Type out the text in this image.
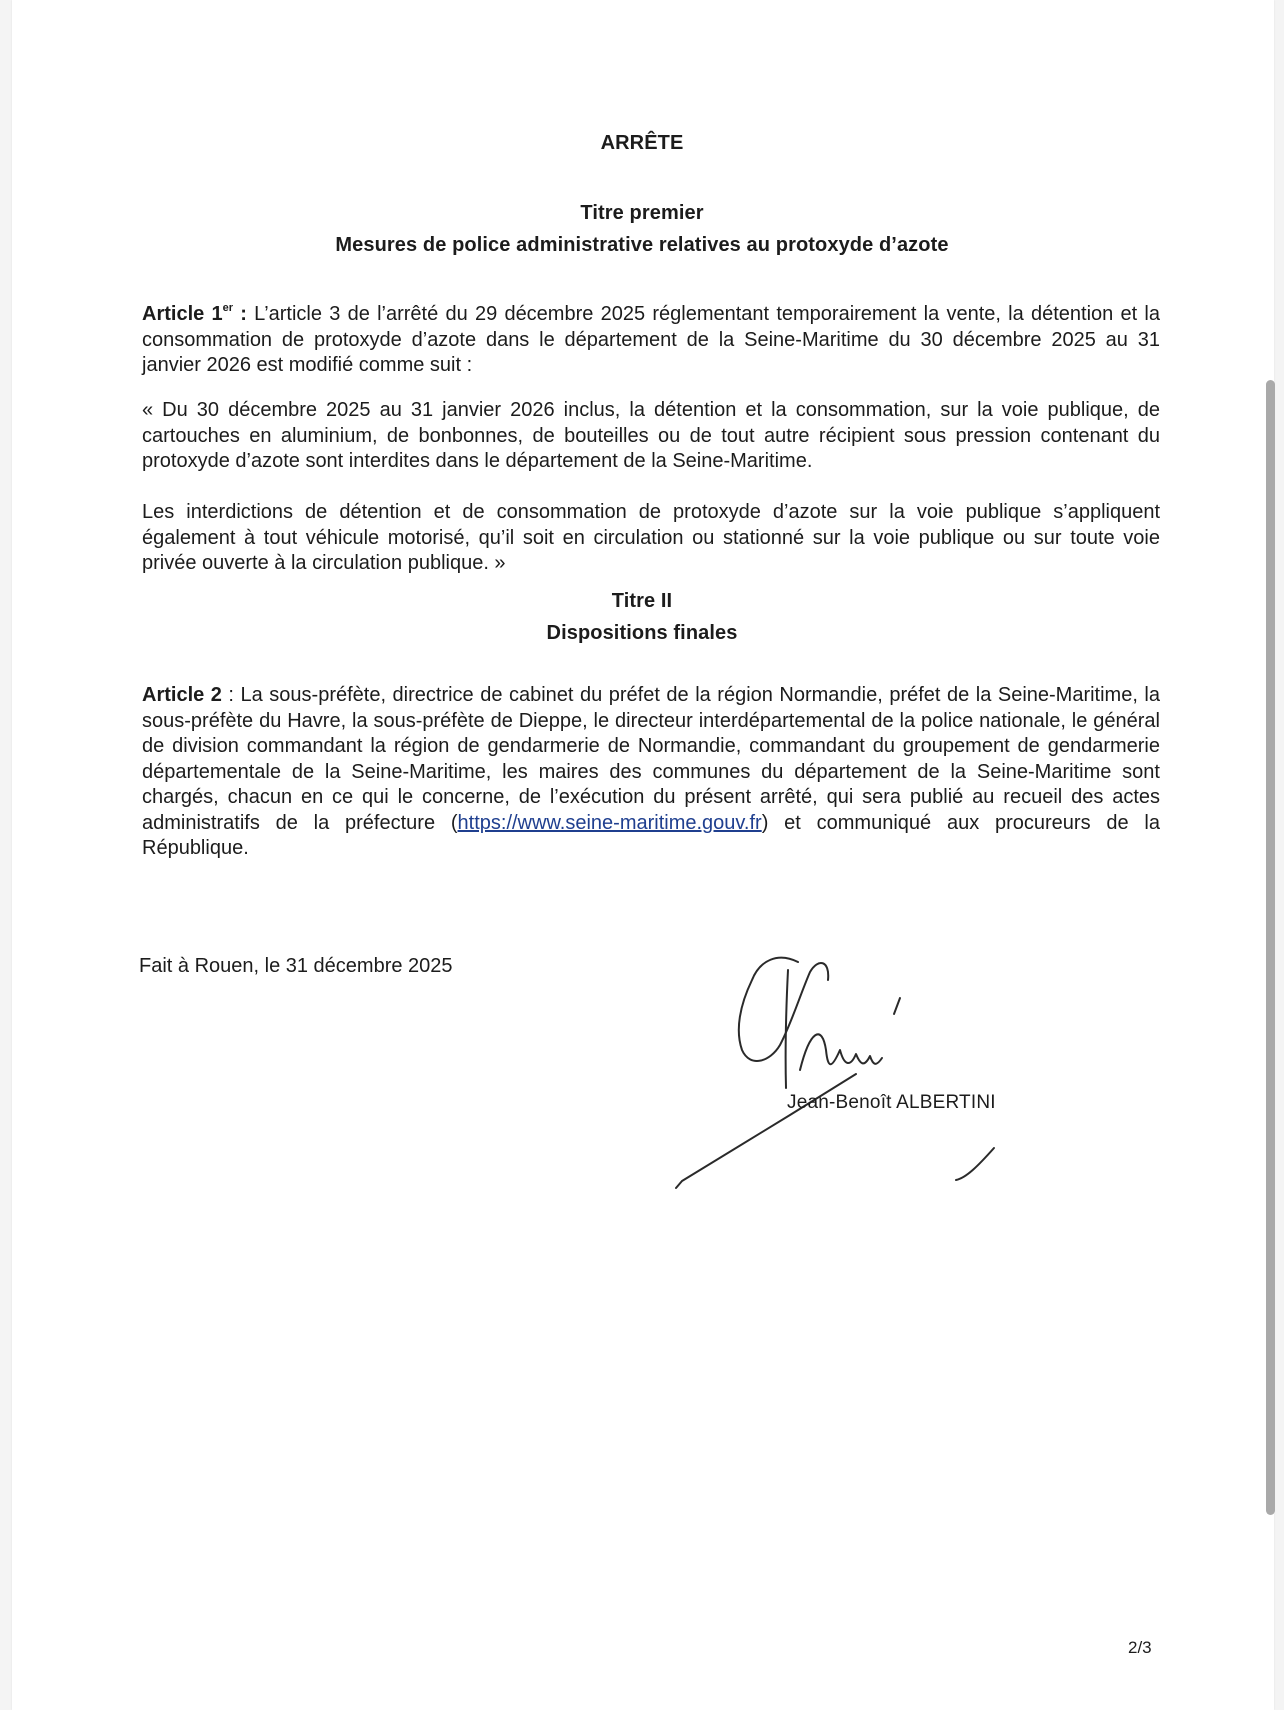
ARRÊTE
Titre premier
Mesures de police administrative relatives au protoxyde d’azote
Article 1er : L’article 3 de l’arrêté du 29 décembre 2025 réglementant temporairement la vente, la détention et la consommation de protoxyde d’azote dans le département de la Seine-Maritime du 30 décembre 2025 au 31 janvier 2026 est modifié comme suit :
« Du 30 décembre 2025 au 31 janvier 2026 inclus, la détention et la consommation, sur la voie publique, de cartouches en aluminium, de bonbonnes, de bouteilles ou de tout autre récipient sous pression contenant du protoxyde d’azote sont interdites dans le département de la Seine-Maritime.
Les interdictions de détention et de consommation de protoxyde d’azote sur la voie publique s’appliquent également à tout véhicule motorisé, qu’il soit en circulation ou stationné sur la voie publique ou sur toute voie privée ouverte à la circulation publique. »
Titre II
Dispositions finales
Article 2 : La sous-préfète, directrice de cabinet du préfet de la région Normandie, préfet de la Seine-Maritime, la sous-préfète du Havre, la sous-préfète de Dieppe, le directeur interdépartemental de la police nationale, le général de division commandant la région de gendarmerie de Normandie, commandant du groupement de gendarmerie départementale de la Seine-Maritime, les maires des communes du département de la Seine-Maritime sont chargés, chacun en ce qui le concerne, de l’exécution du présent arrêté, qui sera publié au recueil des actes administratifs de la préfecture (https://www.seine-maritime.gouv.fr) et communiqué aux procureurs de la République.
Fait à Rouen, le 31 décembre 2025
Jean-Benoît ALBERTINI
2/3
